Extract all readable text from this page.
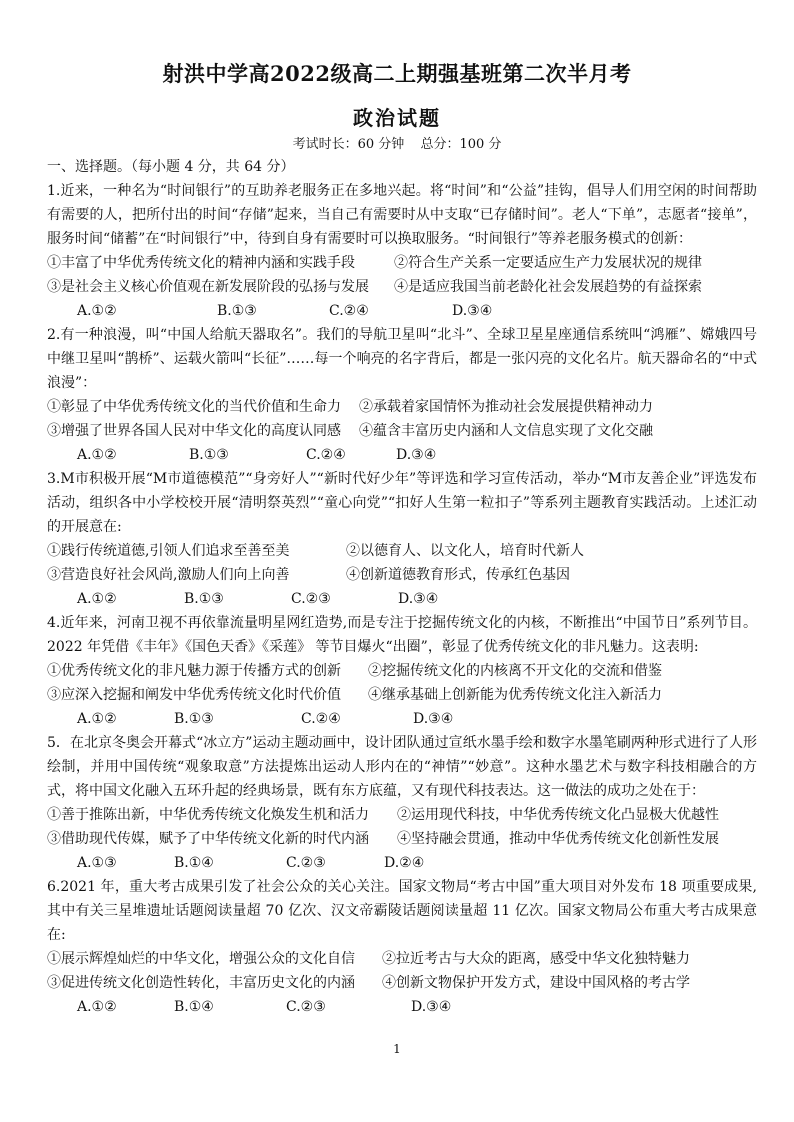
射洪中学高2022级高二上期强基班第二次半月考
政治试题
考试时长：60 分钟 总分：100 分
一、选择题。（每小题 4 分，共 64 分）
1.近来，一种名为“时间银行”的互助养老服务正在多地兴起。将“时间”和“公益”挂钩，倡导人们用空闲的时间帮助有需要的人，把所付出的时间“存储”起来，当自己有需要时从中支取“已存储时间”。老人“下单”，志愿者“接单”，服务时间“储蓄”在“时间银行”中，待到自身有需要时可以换取服务。“时间银行”等养老服务模式的创新：
①丰富了中华优秀传统文化的精神内涵和实践手段	②符合生产关系一定要适应生产力发展状况的规律
③是社会主义核心价值观在新发展阶段的弘扬与发展	④是适应我国当前老龄化社会发展趋势的有益探索
A.①②	B.①③	C.②④	D.③④
2.有一种浪漫，叫“中国人给航天器取名”。我们的导航卫星叫“北斗”、全球卫星星座通信系统叫“鸿雁”、嫦娥四号中继卫星叫“鹊桥”、运载火箭叫“长征”……每一个响亮的名字背后，都是一张闪亮的文化名片。航天器命名的“中式浪漫”：
①彰显了中华优秀传统文化的当代价值和生命力	②承载着家国情怀为推动社会发展提供精神动力
③增强了世界各国人民对中华文化的高度认同感	④蕴含丰富历史内涵和人文信息实现了文化交融
A.①②	B.①③	C.②④	D.③④
3.M市积极开展“M市道德模范”“身旁好人”“新时代好少年”等评选和学习宣传活动，举办“M市友善企业”评选发布活动，组织各中小学校校开展“清明祭英烈”“童心向党”“扣好人生第一粒扣子”等系列主题教育实践活动。上述汇动的开展意在:
①践行传统道德,引领人们追求至善至美	②以德育人、以文化人，培育时代新人
③营造良好社会风尚,激励人们向上向善	④创新道德教育形式，传承红色基因
A.①②	B.①③	C.②③	D.③④
4.近年来，河南卫视不再依靠流量明星网红造势,而是专注于挖掘传统文化的内核，不断推出“中国节日”系列节目。2022 年凭借《丰年》《国色天香》《采莲》 等节目爆火“出圈”，彰显了优秀传统文化的非凡魅力。这表明:
①优秀传统文化的非凡魅力源于传播方式的创新	②挖掘传统文化的内核离不开文化的交流和借鉴
③应深入挖掘和阐发中华优秀传统文化时代价值	④继承基础上创新能为优秀传统文化注入新活力
A.①②	B.①③	C.②④	D.③④
5．在北京冬奥会开幕式“冰立方”运动主题动画中，设计团队通过宣纸水墨手绘和数字水墨笔刷两种形式进行了人形绘制，并用中国传统“观象取意”方法提炼出运动人形内在的“神情”“妙意”。这种水墨艺术与数字科技相融合的方式，将中国文化融入五环升起的经典场景，既有东方底蕴，又有现代科技表达。这一做法的成功之处在于：
①善于推陈出新，中华优秀传统文化焕发生机和活力	②运用现代科技，中华优秀传统文化凸显极大优越性
③借助现代传媒，赋予了中华传统文化新的时代内涵	④坚持融会贯通，推动中华优秀传统文化创新性发展
A.①③	B.①④	C.②③	D.②④
6.2021 年，重大考古成果引发了社会公众的关心关注。国家文物局“考古中国”重大项目对外发布 18 项重要成果,其中有关三星堆遗址话题阅读量超 70 亿次、汉文帝霸陵话题阅读量超 11 亿次。国家文物局公布重大考古成果意在:
①展示辉煌灿烂的中华文化，增强公众的文化自信	②拉近考古与大众的距离，感受中华文化独特魅力
③促进传统文化创造性转化，丰富历史文化的内涵	④创新文物保护开发方式，建设中国风格的考古学
A.①②	B.①④	C.②③	D.③④
1
